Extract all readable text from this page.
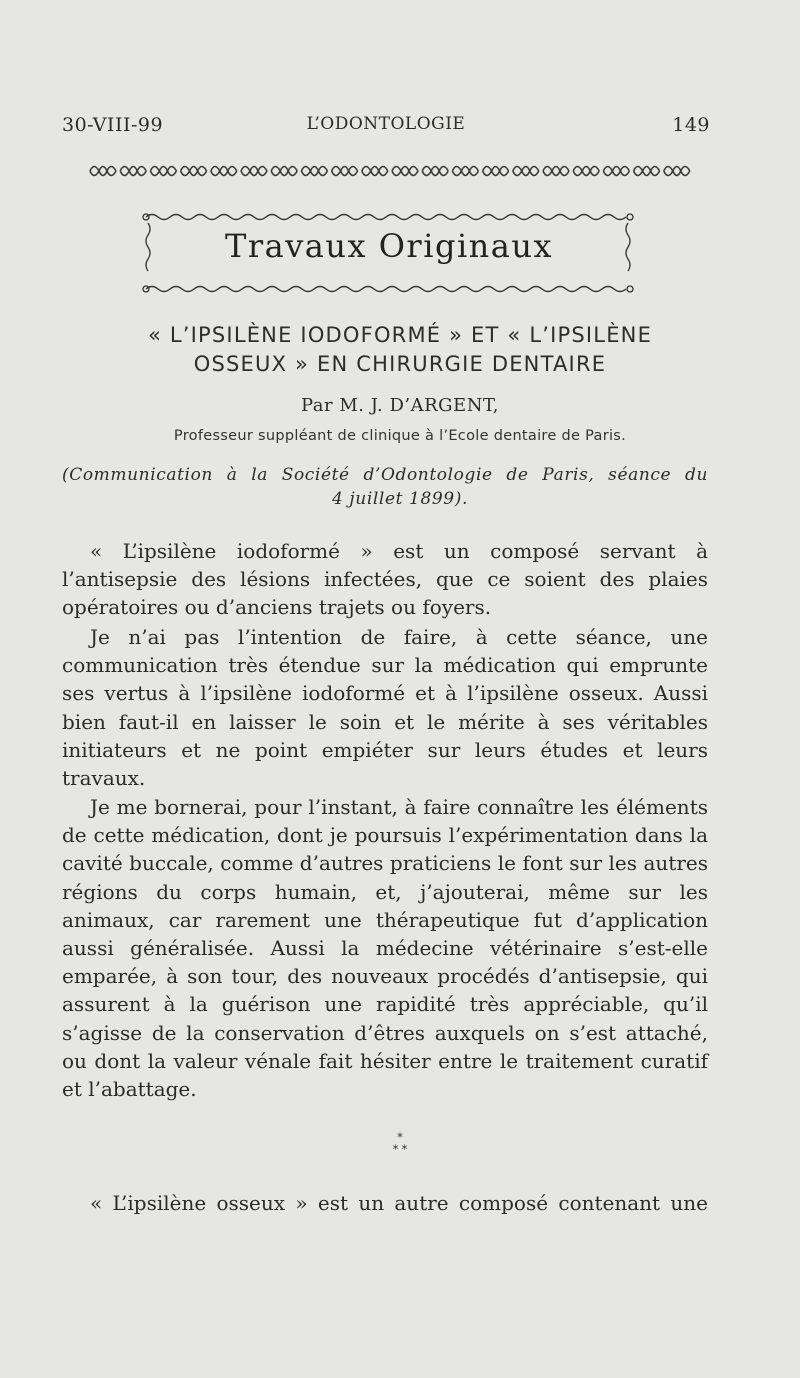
30-VIII-99	L’ODONTOLOGIE	149
Travaux Originaux
« L’IPSILÈNE IODOFORMÉ » ET « L’IPSILÈNE
OSSEUX » EN CHIRURGIE DENTAIRE
Par M. J. D’ARGENT,
Professeur suppléant de clinique à l’Ecole dentaire de Paris.
(Communication à la Société d’Odontologie de Paris, séance du
4 juillet 1899).
« L’ipsilène iodoformé » est un composé servant à l’antisepsie des lésions infectées, que ce soient des plaies opératoires ou d’anciens trajets ou foyers.
Je n’ai pas l’intention de faire, à cette séance, une communication très étendue sur la médication qui emprunte ses vertus à l’ipsilène iodoformé et à l’ipsilène osseux. Aussi bien faut-il en laisser le soin et le mérite à ses véritables initiateurs et ne point empiéter sur leurs études et leurs travaux.
Je me bornerai, pour l’instant, à faire connaître les éléments de cette médication, dont je poursuis l’expérimentation dans la cavité buccale, comme d’autres praticiens le font sur les autres régions du corps humain, et, j’ajouterai, même sur les animaux, car rarement une thérapeutique fut d’application aussi généralisée. Aussi la médecine vétérinaire s’est-elle emparée, à son tour, des nouveaux procédés d’antisepsie, qui assurent à la guérison une rapidité très appréciable, qu’il s’agisse de la conservation d’êtres auxquels on s’est attaché, ou dont la valeur vénale fait hésiter entre le traitement curatif et l’abattage.
*
* *
« L’ipsilène osseux » est un autre composé contenant une
